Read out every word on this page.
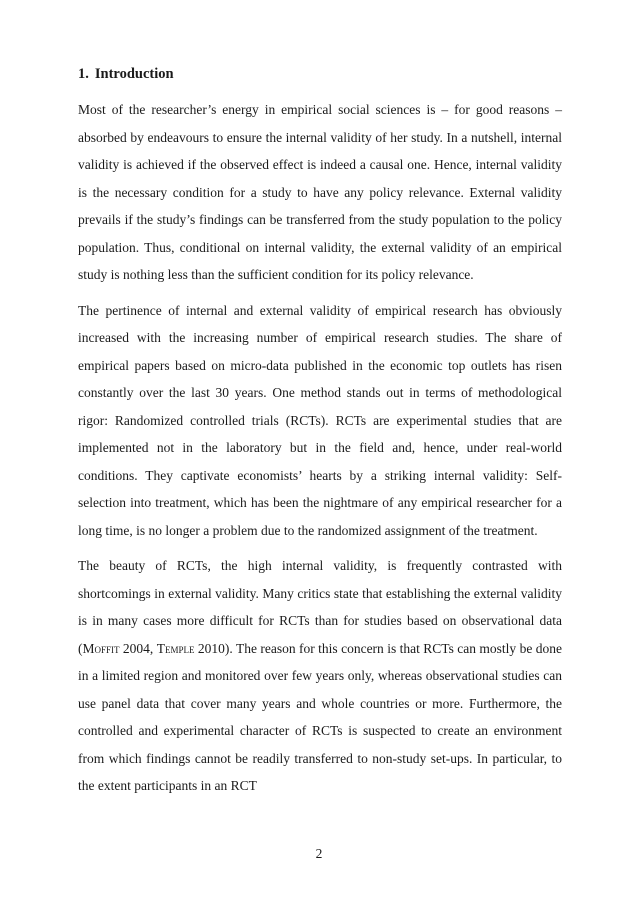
1. Introduction

Most of the researcher’s energy in empirical social sciences is – for good reasons – absorbed by endeavours to ensure the internal validity of her study. In a nutshell, internal validity is achieved if the observed effect is indeed a causal one. Hence, internal validity is the necessary condition for a study to have any policy relevance. External validity prevails if the study’s findings can be transferred from the study population to the policy population. Thus, conditional on internal validity, the external validity of an empirical study is nothing less than the sufficient condition for its policy relevance.

The pertinence of internal and external validity of empirical research has obviously increased with the increasing number of empirical research studies. The share of empirical papers based on micro-data published in the economic top outlets has risen constantly over the last 30 years. One method stands out in terms of methodological rigor: Randomized controlled trials (RCTs). RCTs are experimental studies that are implemented not in the laboratory but in the field and, hence, under real-world conditions. They captivate economists’ hearts by a striking internal validity: Self-selection into treatment, which has been the nightmare of any empirical researcher for a long time, is no longer a problem due to the randomized assignment of the treatment.

The beauty of RCTs, the high internal validity, is frequently contrasted with shortcomings in external validity. Many critics state that establishing the external validity is in many cases more difficult for RCTs than for studies based on observational data (Moffit 2004, Temple 2010). The reason for this concern is that RCTs can mostly be done in a limited region and monitored over few years only, whereas observational studies can use panel data that cover many years and whole countries or more. Furthermore, the controlled and experimental character of RCTs is suspected to create an environment from which findings cannot be readily transferred to non-study set-ups. In particular, to the extent participants in an RCT

2
